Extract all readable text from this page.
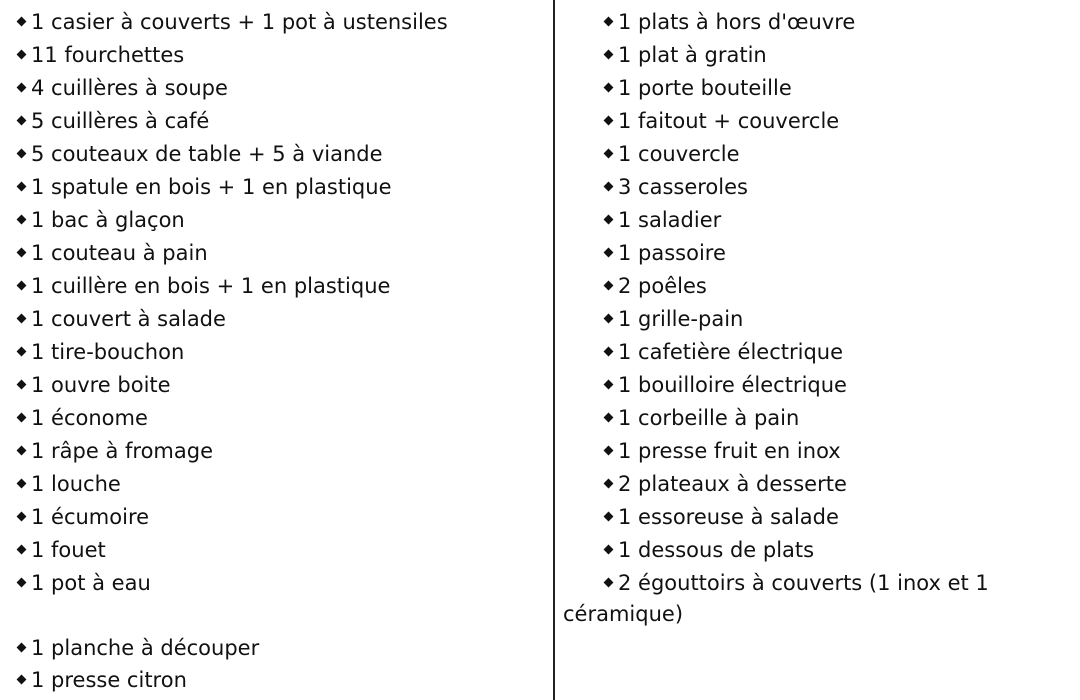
1 casier à couverts + 1 pot à ustensiles
11 fourchettes
4 cuillères à soupe
5 cuillères à café
5 couteaux de table + 5 à viande
1 spatule en bois + 1 en plastique
1 bac à glaçon
1 couteau à pain
1 cuillère en bois + 1 en plastique
1 couvert à salade
1 tire-bouchon
1 ouvre boite
1 économe
1 râpe à fromage
1 louche
1 écumoire
1 fouet
1 pot à eau
1 planche à découper
1 presse citron
1 plats à hors d'œuvre
1 plat à gratin
1 porte bouteille
1 faitout + couvercle
1 couvercle
3 casseroles
1 saladier
1 passoire
2 poêles
1 grille-pain
1 cafetière électrique
1 bouilloire électrique
1 corbeille à pain
1 presse fruit en inox
2 plateaux à desserte
1 essoreuse à salade
1 dessous de plats
2 égouttoirs à couverts (1 inox et 1
céramique)
